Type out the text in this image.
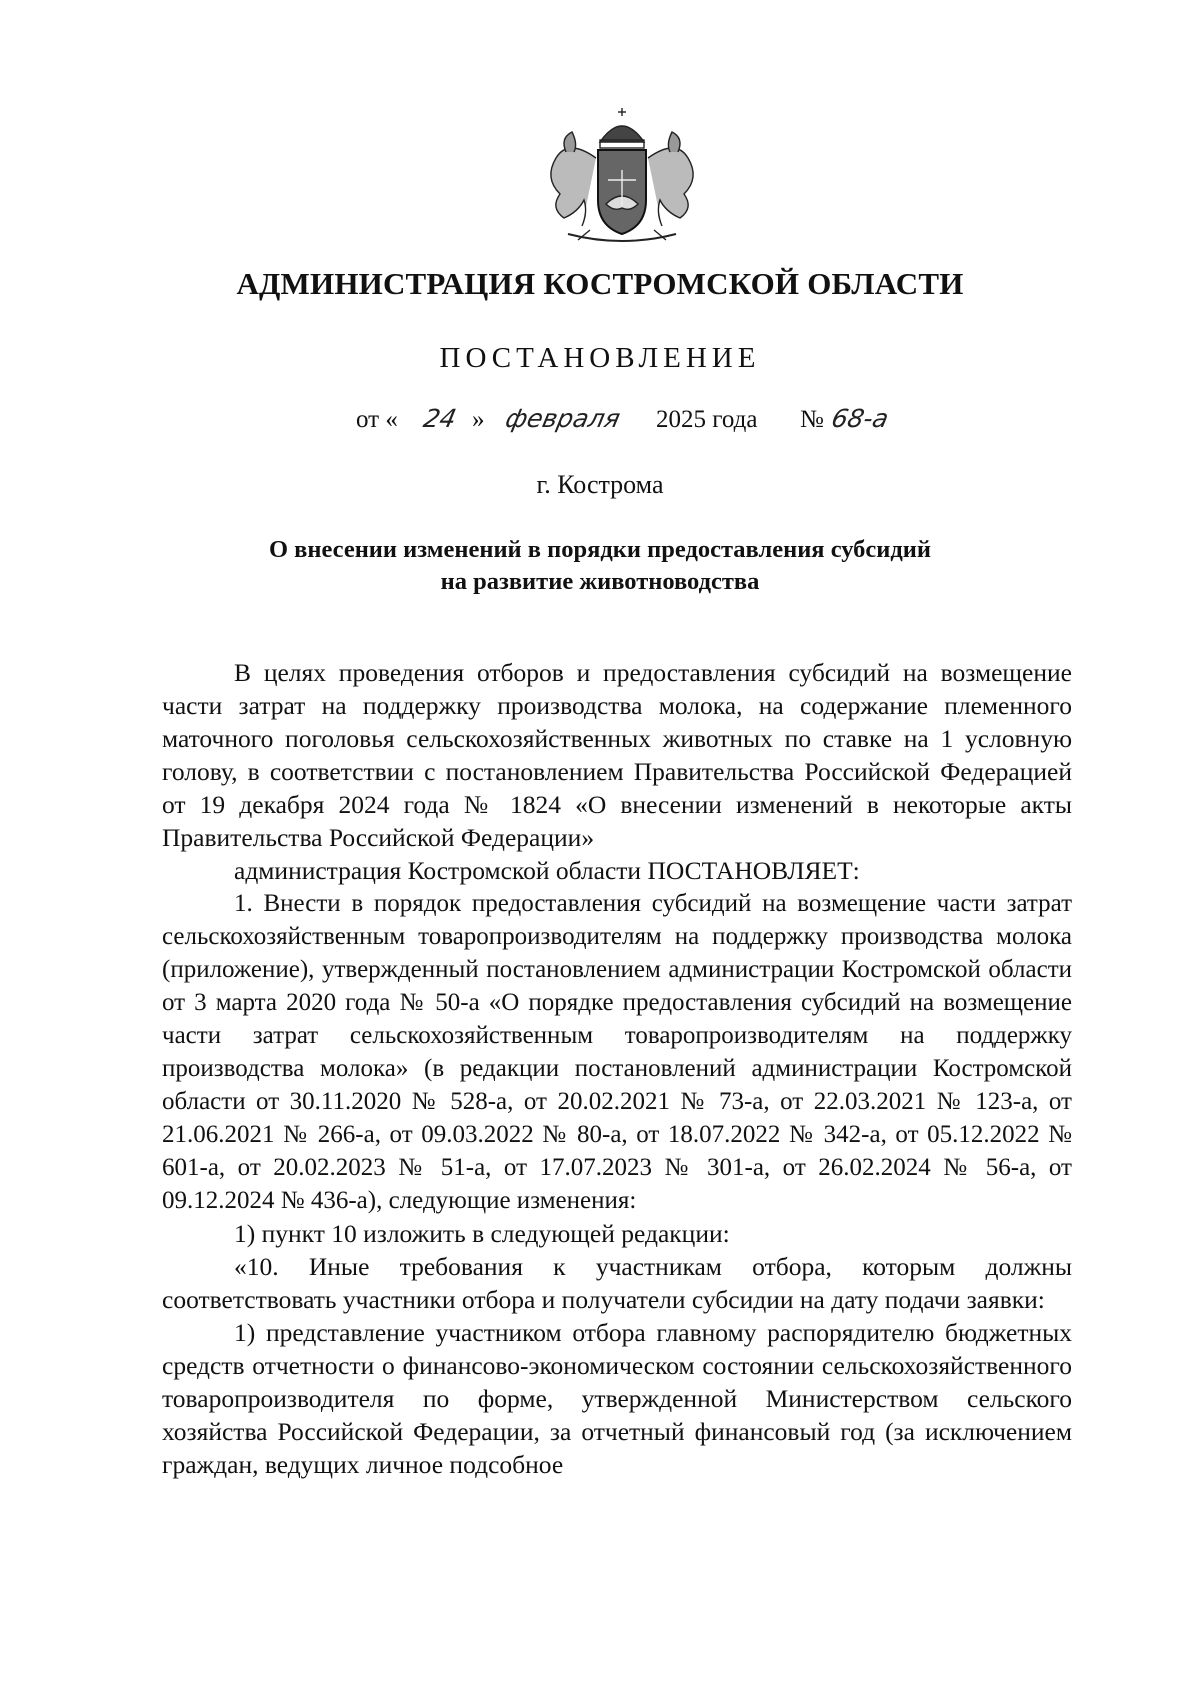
АДМИНИСТРАЦИЯ КОСТРОМСКОЙ ОБЛАСТИ
ПОСТАНОВЛЕНИЕ
от « 24 » февраля 2025 года № 68-а
г. Кострома
О внесении изменений в порядки предоставления субсидий
на развитие животноводства

В целях проведения отборов и предоставления субсидий на возмещение части затрат на поддержку производства молока, на содержание племенного маточного поголовья сельскохозяйственных животных по ставке на 1 условную голову, в соответствии с постановлением Правительства Российской Федерацией от 19 декабря 2024 года № 1824 «О внесении изменений в некоторые акты Правительства Российской Федерации»

администрация Костромской области ПОСТАНОВЛЯЕТ:

1. Внести в порядок предоставления субсидий на возмещение части затрат сельскохозяйственным товаропроизводителям на поддержку производства молока (приложение), утвержденный постановлением администрации Костромской области от 3 марта 2020 года № 50-а «О порядке предоставления субсидий на возмещение части затрат сельскохозяйственным товаропроизводителям на поддержку производства молока» (в редакции постановлений администрации Костромской области от 30.11.2020 № 528-а, от 20.02.2021 № 73-а, от 22.03.2021 № 123-а, от 21.06.2021 № 266-а, от 09.03.2022 № 80-а, от 18.07.2022 № 342-а, от 05.12.2022 № 601-а, от 20.02.2023 № 51-а, от 17.07.2023 № 301-а, от 26.02.2024 № 56-а, от 09.12.2024 № 436-а), следующие изменения:

1) пункт 10 изложить в следующей редакции:

«10. Иные требования к участникам отбора, которым должны соответствовать участники отбора и получатели субсидии на дату подачи заявки:

1) представление участником отбора главному распорядителю бюджетных средств отчетности о финансово-экономическом состоянии сельскохозяйственного товаропроизводителя по форме, утвержденной Министерством сельского хозяйства Российской Федерации, за отчетный финансовый год (за исключением граждан, ведущих личное подсобное
